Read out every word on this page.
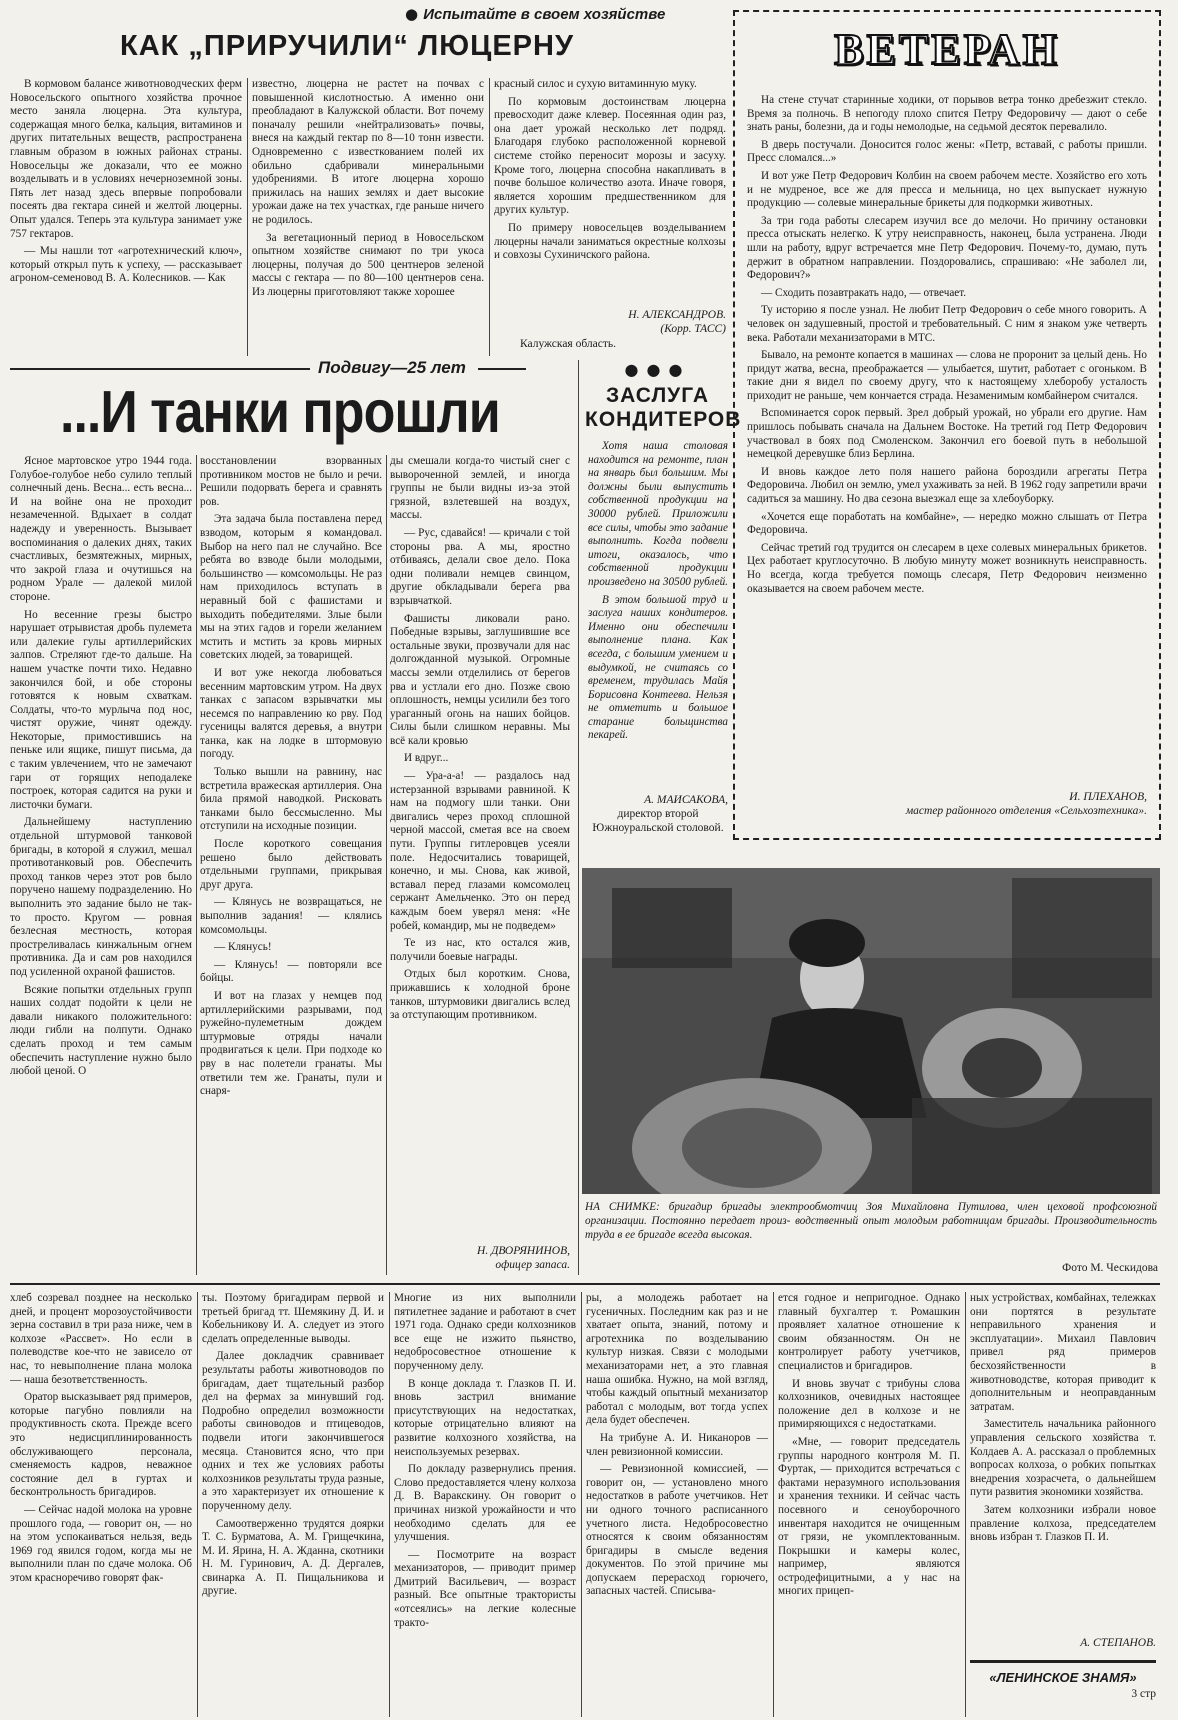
● Испытайте в своем хозяйстве
КАК „ПРИРУЧИЛИ“ ЛЮЦЕРНУ

В кормовом балансе животноводческих ферм Новосельского опытного хозяйства прочное место заняла люцерна. Эта культура, содержащая много белка, кальция, витаминов и других питательных веществ, распространена главным образом в южных районах страны. Новосельцы же доказали, что ее можно возделывать и в условиях нечерноземной зоны. Пять лет назад здесь впервые попробовали посеять два гектара синей и желтой люцерны. Опыт удался. Теперь эта культура занимает уже 757 гектаров.

— Мы нашли тот «агротехнический ключ», который открыл путь к успеху, — рассказывает агроном-семеновод В. А. Колесников. — Как

известно, люцерна не растет на почвах с повышенной кислотностью. А именно они преобладают в Калужской области. Вот почему поначалу решили «нейтрализовать» почвы, внеся на каждый гектар по 8—10 тонн извести. Одновременно с известкованием полей их обильно сдабривали минеральными удобрениями. В итоге люцерна хорошо прижилась на наших землях и дает высокие урожаи даже на тех участках, где раньше ничего не родилось.

За вегетационный период в Новосельском опытном хозяйстве снимают по три укоса люцерны, получая до 500 центнеров зеленой массы с гектара — по 80—100 центнеров сена. Из люцерны приготовляют также хорошее

красный силос и сухую витаминную муку.

По кормовым достоинствам люцерна превосходит даже клевер. Посеянная один раз, она дает урожай несколько лет подряд. Благодаря глубоко расположенной корневой системе стойко переносит морозы и засуху. Кроме того, люцерна способна накапливать в почве большое количество азота. Иначе говоря, является хорошим предшественником для других культур.

По примеру новосельцев возделыванием люцерны начали заниматься окрестные колхозы и совхозы Сухиничского района.

Н. АЛЕКСАНДРОВ.
(Корр. ТАСС)
Калужская область.
ВЕТЕРАН

На стене стучат старинные ходики, от порывов ветра тонко дребезжит стекло. Время за полночь. В непогоду плохо спится Петру Федоровичу — дают о себе знать раны, болезни, да и годы немолодые, на седьмой десяток перевалило.

В дверь постучали. Доносится голос жены: «Петр, вставай, с работы пришли. Пресс сломался...»

И вот уже Петр Федорович Колбин на своем рабочем месте. Хозяйство его хоть и не мудреное, все же для пресса и мельница, но цех выпускает нужную продукцию — солевые минеральные брикеты для подкормки животных.

За три года работы слесарем изучил все до мелочи. Но причину остановки пресса отыскать нелегко. К утру неисправность, наконец, была устранена. Люди шли на работу, вдруг встречается мне Петр Федорович. Почему-то, думаю, путь держит в обратном направлении. Поздоровались, спрашиваю: «Не заболел ли, Федорович?»

— Сходить позавтракать надо, — отвечает.

Ту историю я после узнал. Не любит Петр Федорович о себе много говорить. А человек он задушевный, простой и требовательный. С ним я знаком уже четверть века. Работали механизаторами в МТС.

Бывало, на ремонте копается в машинах — слова не проронит за целый день. Но придут жатва, весна, преображается — улыбается, шутит, работает с огоньком. В такие дни я видел по своему другу, что к настоящему хлеборобу усталость приходит не раньше, чем кончается страда. Незаменимым комбайнером считался.

Вспоминается сорок первый. Зрел добрый урожай, но убрали его другие. Нам пришлось побывать сначала на Дальнем Востоке. На третий год Петр Федорович участвовал в боях под Смоленском. Закончил его боевой путь в небольшой немецкой деревушке близ Берлина.

И вновь каждое лето поля нашего района бороздили агрегаты Петра Федоровича. Любил он землю, умел ухаживать за ней. В 1962 году запретили врачи садиться за машину. Но два сезона выезжал еще за хлебоуборку.

«Хочется еще поработать на комбайне», — нередко можно слышать от Петра Федоровича.

Сейчас третий год трудится он слесарем в цехе солевых минеральных брикетов. Цех работает круглосуточно. В любую минуту может возникнуть неисправность. Но всегда, когда требуется помощь слесаря, Петр Федорович неизменно оказывается на своем рабочем месте.

И. ПЛЕХАНОВ,
мастер районного отделения «Сельхозтехника».
Подвигу—25 лет
...И танки прошли

Ясное мартовское утро 1944 года. Голубое-голубое небо сулило теплый солнечный день. Весна... есть весна... И на войне она не проходит незамеченной. Вдыхает в солдат надежду и уверенность. Вызывает воспоминания о далеких днях, таких счастливых, безмятежных, мирных, что закрой глаза и очутишься на родном Урале — далекой милой стороне.

Но весенние грезы быстро нарушает отрывистая дробь пулемета или далекие гулы артиллерийских залпов. Стреляют где-то дальше. На нашем участке почти тихо. Недавно закончился бой, и обе стороны готовятся к новым схваткам. Солдаты, что-то мурлыча под нос, чистят оружие, чинят одежду. Некоторые, примостившись на пеньке или ящике, пишут письма, да с таким увлечением, что не замечают гари от горящих неподалеке построек, которая садится на руки и листочки бумаги.

Дальнейшему наступлению отдельной штурмовой танковой бригады, в которой я служил, мешал противотанковый ров. Обеспечить проход танков через этот ров было поручено нашему подразделению. Но выполнить это задание было не так-то просто. Кругом — ровная безлесная местность, которая простреливалась кинжальным огнем противника. Да и сам ров находился под усиленной охраной фашистов.

Всякие попытки отдельных групп наших солдат подойти к цели не давали никакого положительного: люди гибли на полпути. Однако сделать проход и тем самым обеспечить наступление нужно было любой ценой. О

восстановлении взорванных противником мостов не было и речи. Решили подорвать берега и сравнять ров.

Эта задача была поставлена перед взводом, которым я командовал. Выбор на него пал не случайно. Все ребята во взводе были молодыми, большинство — комсомольцы. Не раз нам приходилось вступать в неравный бой с фашистами и выходить победителями. Злые были мы на этих гадов и горели желанием мстить и мстить за кровь мирных советских людей, за товарищей.

И вот уже некогда любоваться весенним мартовским утром. На двух танках с запасом взрывчатки мы несемся по направлению ко рву. Под гусеницы валятся деревья, а внутри танка, как на лодке в штормовую погоду.

Только вышли на равнину, нас встретила вражеская артиллерия. Она била прямой наводкой. Рисковать танками было бессмысленно. Мы отступили на исходные позиции.

После короткого совещания решено было действовать отдельными группами, прикрывая друг друга.

— Клянусь не возвращаться, не выполнив задания! — клялись комсомольцы.

— Клянусь!

— Клянусь! — повторяли все бойцы.

И вот на глазах у немцев под артиллерийскими разрывами, под ружейно-пулеметным дождем штурмовые отряды начали продвигаться к цели. При подходе ко рву в нас полетели гранаты. Мы ответили тем же. Гранаты, пули и снаря-

ды смешали когда-то чистый снег с вывороченной землей, и иногда группы не были видны из-за этой грязной, взлетевшей на воздух, массы.

— Рус, сдавайся! — кричали с той стороны рва. А мы, яростно отбиваясь, делали свое дело. Пока одни поливали немцев свинцом, другие обкладывали берега рва взрывчаткой.

Фашисты ликовали рано. Победные взрывы, заглушившие все остальные звуки, прозвучали для нас долгожданной музыкой. Огромные массы земли отделились от берегов рва и устлали его дно. Позже свою оплошность, немцы усилили без того ураганный огонь на наших бойцов. Силы были слишком неравны. Мы всё кали кровью

И вдруг...

— Ура-а-а! — раздалось над истерзанной взрывами равниной. К нам на подмогу шли танки. Они двигались через проход сплошной черной массой, сметая все на своем пути. Группы гитлеровцев усеяли поле. Недосчитались товарищей, конечно, и мы. Снова, как живой, вставал перед глазами комсомолец сержант Амельченко. Это он перед каждым боем уверял меня: «Не робей, командир, мы не подведем»

Те из нас, кто остался жив, получили боевые награды.

Отдых был коротким. Снова, прижавшись к холодной броне танков, штурмовики двигались вслед за отступающим противником.

Н. ДВОРЯНИНОВ,
офицер запаса.
●●●
ЗАСЛУГА КОНДИТЕРОВ

Хотя наша столовая находится на ремонте, план на январь был большим. Мы должны были выпустить собственной продукции на 30000 рублей. Приложили все силы, чтобы это задание выполнить. Когда подвели итоги, оказалось, что собственной продукции произведено на 30500 рублей.

В этом большой труд и заслуга наших кондитеров. Именно они обеспечили выполнение плана. Как всегда, с большим умением и выдумкой, не считаясь со временем, трудилась Майя Борисовна Контеева. Нельзя не отметить и большое старание больщинства пекарей.

А. МАИСАКОВА,
директор второй Южноуральской столовой.
НА СНИМКЕ: бригадир бригады электрообмотчиц Зоя Михайловна Путилова, член цеховой профсоюзной организации. Постоянно передает произ- водственный опыт молодым работницам бригады. Производительность труда в ее бригаде всегда высокая.
Фото М. Ческидова

хлеб созревал позднее на несколько дней, и процент морозоустойчивости зерна составил в три раза ниже, чем в колхозе «Рассвет». Но если в полеводстве кое-что не зависело от нас, то невыполнение плана молока — наша безответственность.

Оратор высказывает ряд примеров, которые пагубно повлияли на продуктивность скота. Прежде всего это недисциплинированность обслуживающего персонала, сменяемость кадров, неважное состояние дел в гуртах и бесконтрольность бригадиров.

— Сейчас надой молока на уровне прошлого года, — говорит он, — но на этом успокаиваться нельзя, ведь 1969 год явился годом, когда мы не выполнили план по сдаче молока. Об этом красноречиво говорят фак-

ты. Поэтому бригадирам первой и третьей бригад тт. Шемякину Д. И. и Кобельникову И. А. следует из этого сделать определенные выводы.

Далее докладчик сравнивает результаты работы животноводов по бригадам, дает тщательный разбор дел на фермах за минувший год. Подробно определил возможности работы свиноводов и птицеводов, подвели итоги закончившегося месяца. Становится ясно, что при одних и тех же условиях работы колхозников результаты труда разные, а это характеризует их отношение к порученному делу.

Самоотверженно трудятся доярки Т. С. Бурматова, А. М. Грищечкина, М. И. Ярина, Н. А. Жданна, скотники Н. М. Гуринович, А. Д. Дергалев, свинарка А. П. Пищальникова и другие.

Многие из них выполнили пятилетнее задание и работают в счет 1971 года. Однако среди колхозников все еще не изжито пьянство, недобросовестное отношение к порученному делу.

В конце доклада т. Глазков П. И. вновь застрил внимание присутствующих на недостатках, которые отрицательно влияют на развитие колхозного хозяйства, на неиспользуемых резервах.

По докладу развернулись прения. Слово предоставляется члену колхоза Д. В. Варакскину. Он говорит о причинах низкой урожайности и что необходимо сделать для ее улучшения.

— Посмотрите на возраст механизаторов, — приводит пример Дмитрий Васильевич, — возраст разный. Все опытные трактористы «отсеялись» на легкие колесные тракто-

ры, а молодежь работает на гусеничных. Последним как раз и не хватает опыта, знаний, потому и агротехника по возделыванию культур низкая. Связи с молодыми механизаторами нет, а это главная наша ошибка. Нужно, на мой взгляд, чтобы каждый опытный механизатор работал с молодым, вот тогда успех дела будет обеспечен.

На трибуне А. И. Никаноров — член ревизионной комиссии.

— Ревизионной комиссией, — говорит он, — установлено много недостатков в работе учетчиков. Нет ни одного точного расписанного учетного листа. Недобросовестно относятся к своим обязанностям бригадиры в смысле ведения документов. По этой причине мы допускаем перерасход горючего, запасных частей. Списыва-

ется годное и непригодное. Однако главный бухгалтер т. Ромашкин проявляет халатное отношение к своим обязанностям. Он не контролирует работу учетчиков, специалистов и бригадиров.

И вновь звучат с трибуны слова колхозников, очевидных настоящее положение дел в колхозе и не примиряющихся с недостатками.

«Мне, — говорит председатель группы народного контроля М. П. Фуртак, — приходится встречаться с фактами неразумного использования и хранения техники. И сейчас часть посевного и сеноуборочного инвентаря находится не очищенным от грязи, не укомплектованным. Покрышки и камеры колес, например, являются остродефицитными, а у нас на многих прицеп-

ных устройствах, комбайнах, тележках они портятся в результате неправильного хранения и эксплуатации». Михаил Павлович привел ряд примеров бесхозяйственности в животноводстве, которая приводит к дополнительным и неоправданным затратам.

Заместитель начальника районного управления сельского хозяйства т. Колдаев А. А. рассказал о проблемных вопросах колхоза, о робких попытках внедрения хозрасчета, о дальнейшем пути развития экономики хозяйства.

Затем колхозники избрали новое правление колхоза, председателем вновь избран т. Глазков П. И.

А. СТЕПАНОВ.
«ЛЕНИНСКОЕ ЗНАМЯ»
3 стр
